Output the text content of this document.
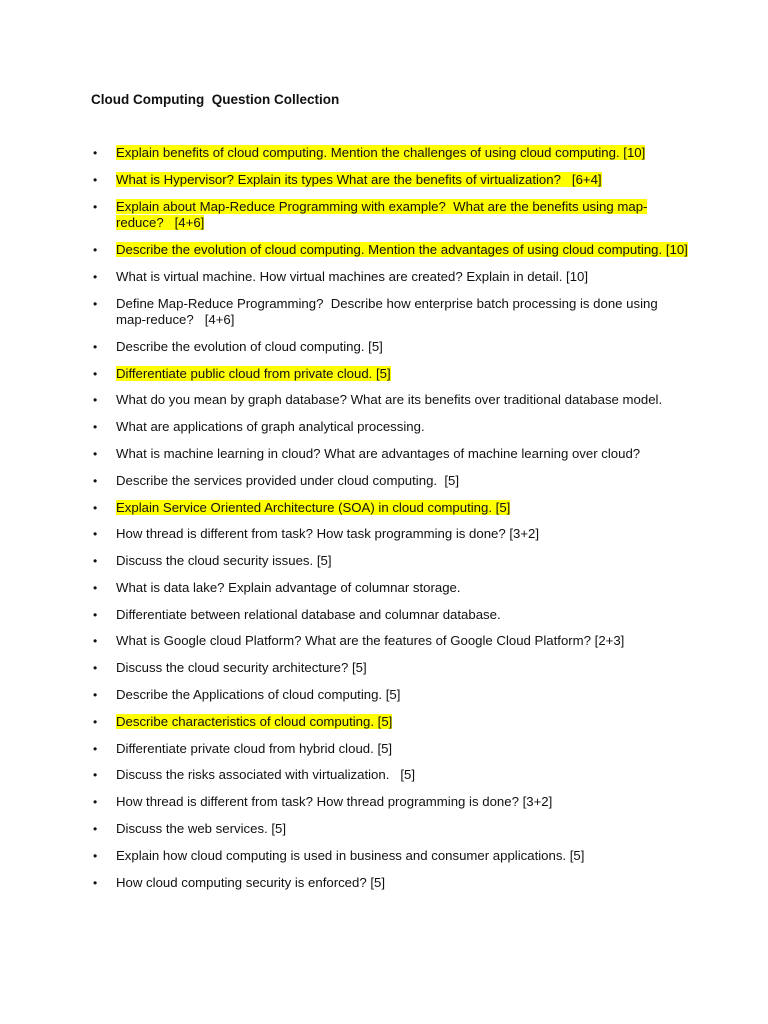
Cloud Computing  Question Collection
• Explain benefits of cloud computing. Mention the challenges of using cloud computing. [10]
• What is Hypervisor? Explain its types What are the benefits of virtualization?   [6+4]
• Explain about Map-Reduce Programming with example?  What are the benefits using map-reduce?   [4+6]
• Describe the evolution of cloud computing. Mention the advantages of using cloud computing. [10]
• What is virtual machine. How virtual machines are created? Explain in detail. [10]
• Define Map-Reduce Programming?  Describe how enterprise batch processing is done using map-reduce?   [4+6]
• Describe the evolution of cloud computing. [5]
• Differentiate public cloud from private cloud. [5]
• What do you mean by graph database? What are its benefits over traditional database model.
• What are applications of graph analytical processing.
• What is machine learning in cloud? What are advantages of machine learning over cloud?
• Describe the services provided under cloud computing.  [5]
• Explain Service Oriented Architecture (SOA) in cloud computing. [5]
• How thread is different from task? How task programming is done? [3+2]
• Discuss the cloud security issues. [5]
• What is data lake? Explain advantage of columnar storage.
• Differentiate between relational database and columnar database.
• What is Google cloud Platform? What are the features of Google Cloud Platform? [2+3]
• Discuss the cloud security architecture? [5]
• Describe the Applications of cloud computing. [5]
• Describe characteristics of cloud computing. [5]
• Differentiate private cloud from hybrid cloud. [5]
• Discuss the risks associated with virtualization.   [5]
• How thread is different from task? How thread programming is done? [3+2]
• Discuss the web services. [5]
• Explain how cloud computing is used in business and consumer applications. [5]
• How cloud computing security is enforced? [5]
